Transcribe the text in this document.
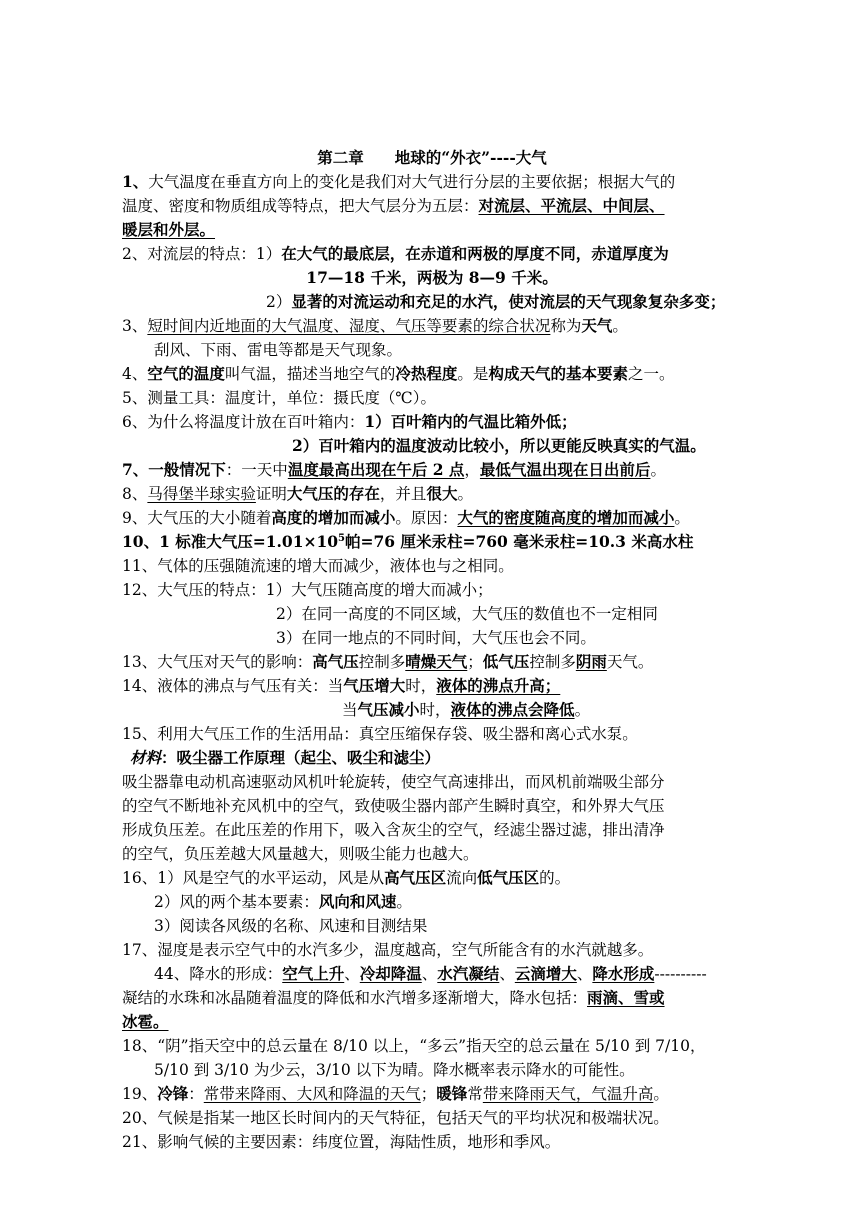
第二章　　地球的“外衣”----大气
1、大气温度在垂直方向上的变化是我们对大气进行分层的主要依据；根据大气的
温度、密度和物质组成等特点，把大气层分为五层：对流层、平流层、中间层、
暖层和外层。
2、对流层的特点：1）在大气的最底层，在赤道和两极的厚度不同，赤道厚度为
17—18 千米，两极为 8—9 千米。
2）显著的对流运动和充足的水汽，使对流层的天气现象复杂多变；
3、短时间内近地面的大气温度、湿度、气压等要素的综合状况称为天气。
刮风、下雨、雷电等都是天气现象。
4、空气的温度叫气温，描述当地空气的冷热程度。是构成天气的基本要素之一。
5、测量工具：温度计，单位：摄氏度（℃）。
6、为什么将温度计放在百叶箱内：1）百叶箱内的气温比箱外低；
2）百叶箱内的温度波动比较小，所以更能反映真实的气温。
7、一般情况下：一天中温度最高出现在午后 2 点，最低气温出现在日出前后。
8、马得堡半球实验证明大气压的存在，并且很大。
9、大气压的大小随着高度的增加而减小。原因：大气的密度随高度的增加而减小。
10、1 标准大气压$=1.01\times 10^5$帕=76 厘米汞柱=760 毫米汞柱=10.3 米高水柱
11、气体的压强随流速的增大而减少，液体也与之相同。
12、大气压的特点：1）大气压随高度的增大而减小；
2）在同一高度的不同区域，大气压的数值也不一定相同
3）在同一地点的不同时间，大气压也会不同。
13、大气压对天气的影响：高气压控制多晴燥天气；低气压控制多阴雨天气。
14、液体的沸点与气压有关：当气压增大时，液体的沸点升高；
当气压减小时，液体的沸点会降低。
15、利用大气压工作的生活用品：真空压缩保存袋、吸尘器和离心式水泵。
材料：吸尘器工作原理（起尘、吸尘和滤尘）
吸尘器靠电动机高速驱动风机叶轮旋转，使空气高速排出，而风机前端吸尘部分
的空气不断地补充风机中的空气，致使吸尘器内部产生瞬时真空，和外界大气压
形成负压差。在此压差的作用下，吸入含灰尘的空气，经滤尘器过滤，排出清净
的空气，负压差越大风量越大，则吸尘能力也越大。
16、1）风是空气的水平运动，风是从高气压区流向低气压区的。
2）风的两个基本要素：风向和风速。
3）阅读各风级的名称、风速和目测结果
17、湿度是表示空气中的水汽多少，温度越高，空气所能含有的水汽就越多。
44、降水的形成：空气上升、冷却降温、水汽凝结、云滴增大、降水形成----------
凝结的水珠和冰晶随着温度的降低和水汽增多逐渐增大，降水包括：雨滴、雪或
冰雹。
18、“阴”指天空中的总云量在 8/10 以上，“多云”指天空的总云量在 5/10 到 7/10，
5/10 到 3/10 为少云，3/10 以下为晴。降水概率表示降水的可能性。
19、冷锋：常带来降雨、大风和降温的天气；暖锋常带来降雨天气，气温升高。
20、气候是指某一地区长时间内的天气特征，包括天气的平均状况和极端状况。
21、影响气候的主要因素：纬度位置，海陆性质，地形和季风。
